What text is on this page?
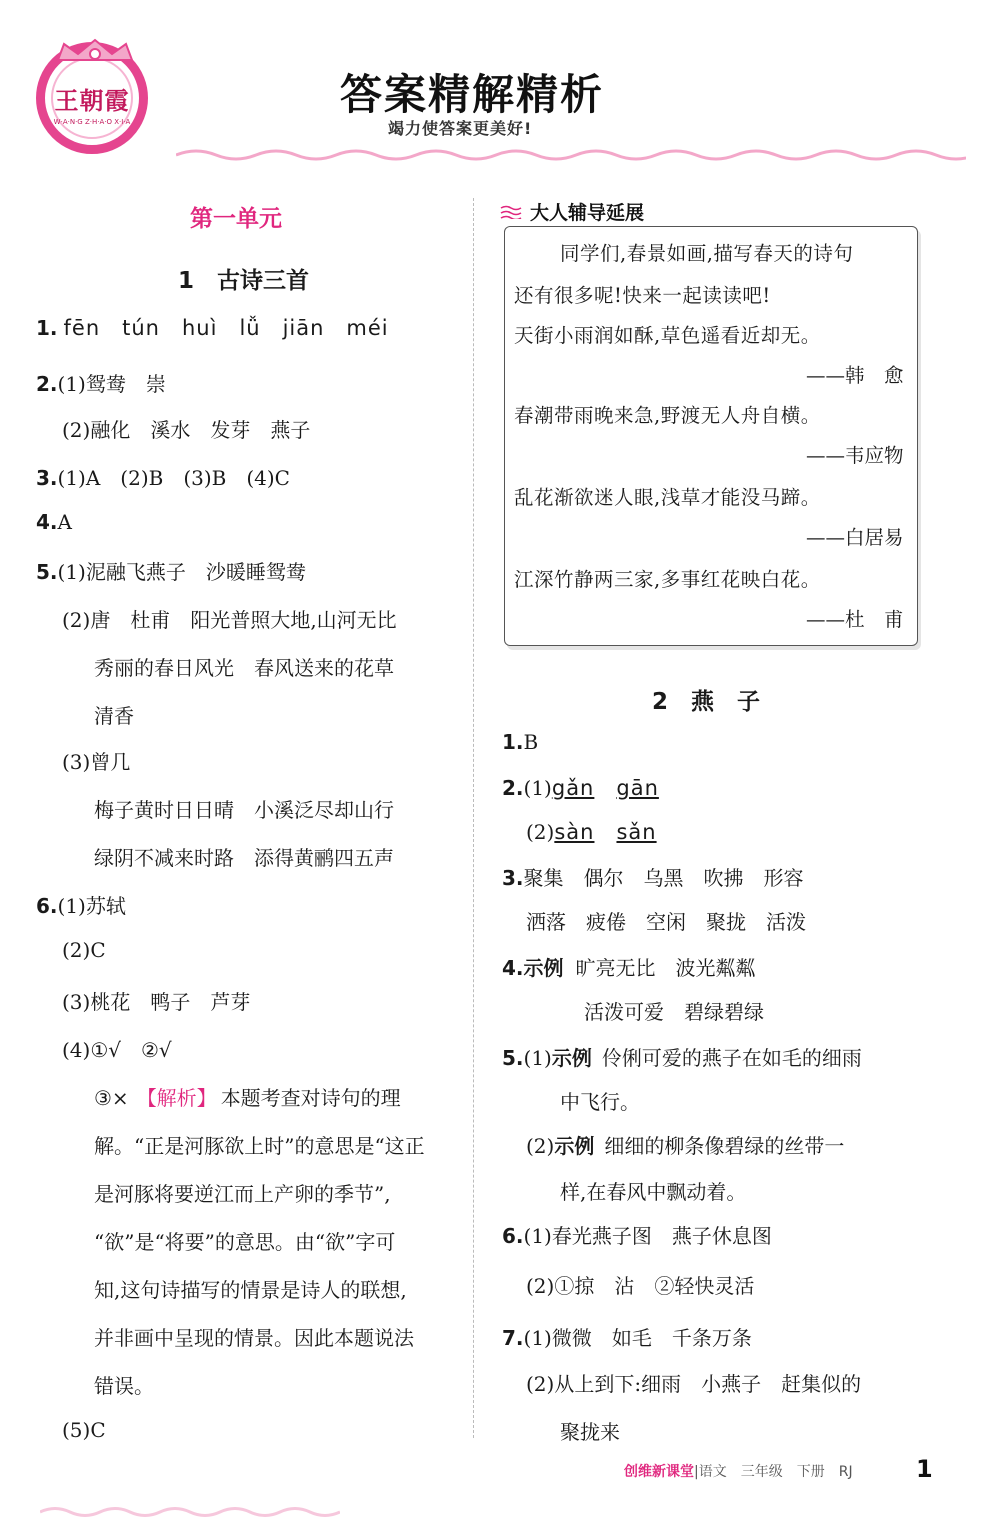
王朝霞
W·A·N·G Z·H·A·O X·I·A
答案精解精析
竭力使答案更美好!
第一单元
1　古诗三首
1. fēn　tún　huì　lǚ　jiān　méi
2.(1)鸳鸯　崇
(2)融化　溪水　发芽　燕子
3.(1)A　(2)B　(3)B　(4)C
4.A
5.(1)泥融飞燕子　沙暖睡鸳鸯
(2)唐　杜甫　阳光普照大地,山河无比
秀丽的春日风光　春风送来的花草
清香
(3)曾几
梅子黄时日日晴　小溪泛尽却山行
绿阴不减来时路　添得黄鹂四五声
6.(1)苏轼
(2)C
(3)桃花　鸭子　芦芽
(4)①√　②√
③× 【解析】 本题考查对诗句的理
解。“正是河豚欲上时”的意思是“这正
是河豚将要逆江而上产卵的季节”,
“欲”是“将要”的意思。由“欲”字可
知,这句诗描写的情景是诗人的联想,
并非画中呈现的情景。因此本题说法
错误。
(5)C
大人辅导延展
同学们,春景如画,描写春天的诗句
还有很多呢!快来一起读读吧!
天街小雨润如酥,草色遥看近却无。
——韩　愈
春潮带雨晚来急,野渡无人舟自横。
——韦应物
乱花渐欲迷人眼,浅草才能没马蹄。
——白居易
江深竹静两三家,多事红花映白花。
——杜　甫
2　燕　子
1.B
2.(1)gǎn gān
(2)sàn sǎn
3.聚集　偶尔　乌黑　吹拂　形容
洒落　疲倦　空闲　聚拢　活泼
4.示例 旷亮无比　波光粼粼
活泼可爱　碧绿碧绿
5.(1)示例 伶俐可爱的燕子在如毛的细雨
中飞行。
(2)示例 细细的柳条像碧绿的丝带一
样,在春风中飘动着。
6.(1)春光燕子图　燕子休息图
(2)①掠　沾　②轻快灵活
7.(1)微微　如毛　千条万条
(2)从上到下:细雨　小燕子　赶集似的
聚拢来
创维新课堂|语文　三年级　下册　RJ	1
